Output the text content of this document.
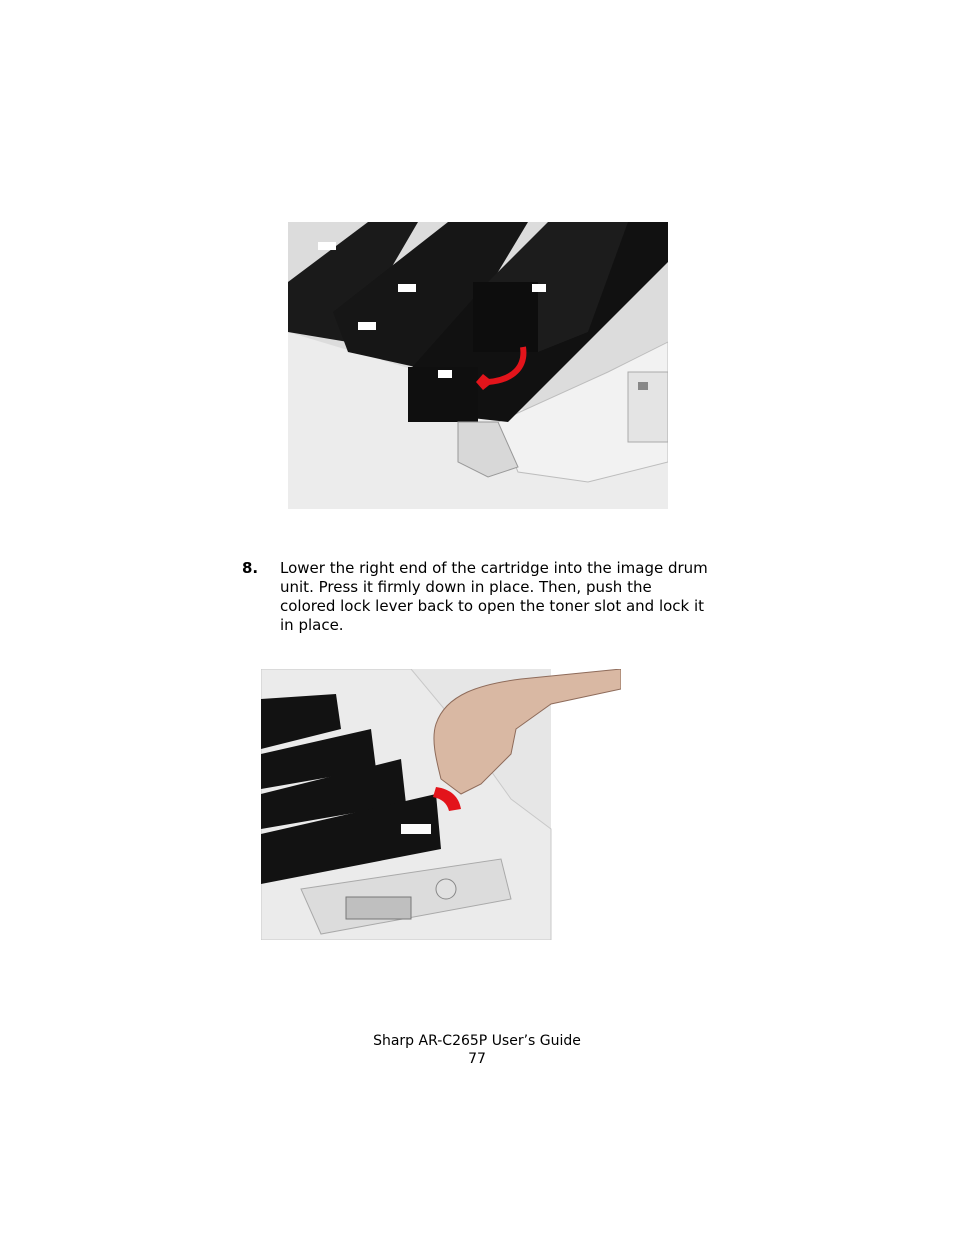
8. Lower the right end of the cartridge into the image drum
unit. Press it firmly down in place. Then, push the
colored lock lever back to open the toner slot and lock it
in place.
Sharp AR-C265P User’s Guide
77
